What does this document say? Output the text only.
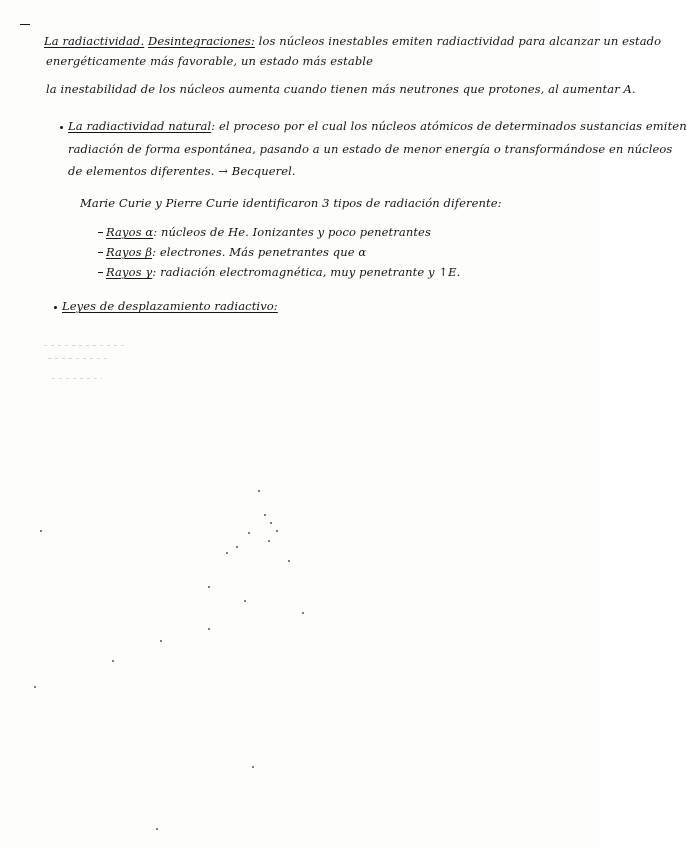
La radiactividad. Desintegraciones: los núcleos inestables emiten radiactividad para alcanzar un estado
energéticamente más favorable, un estado más estable
la inestabilidad de los núcleos aumenta cuando tienen más neutrones que protones, al aumentar A.
La radiactividad natural: el proceso por el cual los núcleos atómicos de determinados sustancias emiten
radiación de forma espontánea, pasando a un estado de menor energía o transformándose en núcleos
de elementos diferentes. → Becquerel.
Marie Curie y Pierre Curie identificaron 3 tipos de radiación diferente:
Rayos α: núcleos de He. Ionizantes y poco penetrantes
Rayos β: electrones. Más penetrantes que α
Rayos γ: radiación electromagnética, muy penetrante y ↑E.
Leyes de desplazamiento radiactivo:
